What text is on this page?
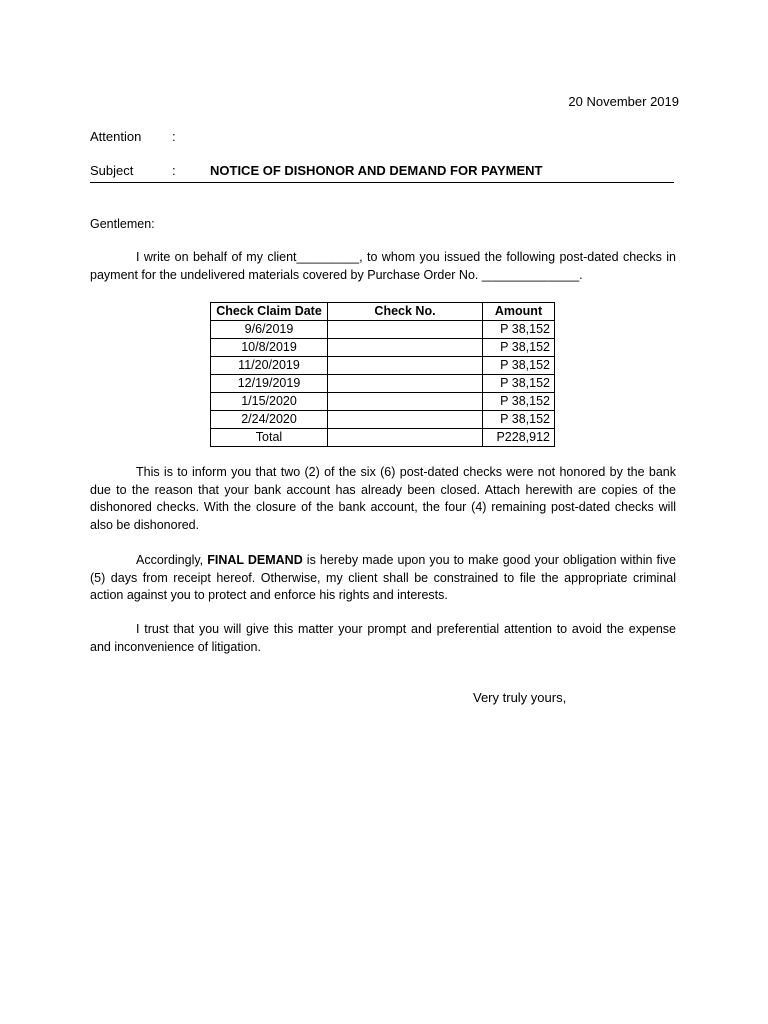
20 November 2019
Attention :
Subject	:	NOTICE OF DISHONOR AND DEMAND FOR PAYMENT
Gentlemen:
I write on behalf of my client_________, to whom you issued the following post-dated checks in payment for the undelivered materials covered by Purchase Order No. ______________.
Check Claim Date	Check No.	Amount
9/6/2019		P 38,152
10/8/2019		P 38,152
11/20/2019		P 38,152
12/19/2019		P 38,152
1/15/2020		P 38,152
2/24/2020		P 38,152
Total		P228,912
This is to inform you that two (2) of the six (6) post-dated checks were not honored by the bank due to the reason that your bank account has already been closed. Attach herewith are copies of the dishonored checks. With the closure of the bank account, the four (4) remaining post-dated checks will also be dishonored.
Accordingly, FINAL DEMAND is hereby made upon you to make good your obligation within five (5) days from receipt hereof. Otherwise, my client shall be constrained to file the appropriate criminal action against you to protect and enforce his rights and interests.
I trust that you will give this matter your prompt and preferential attention to avoid the expense and inconvenience of litigation.
Very truly yours,
